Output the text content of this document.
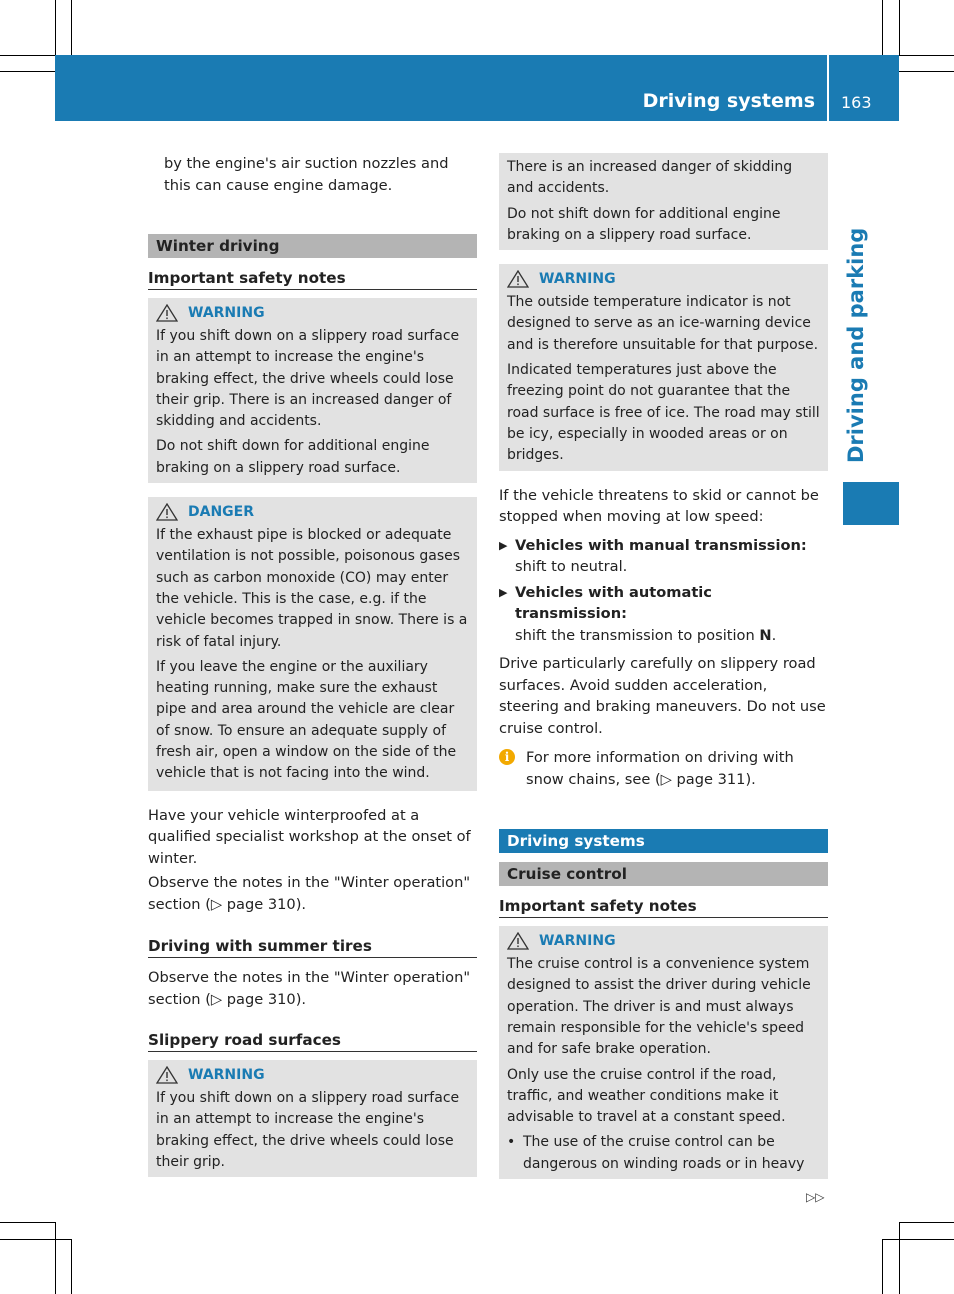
Driving systems 163
Driving and parking

by the engine's air suction nozzles and this can cause engine damage.

Winter driving
Important safety notes
WARNING

If you shift down on a slippery road surface in an attempt to increase the engine's braking effect, the drive wheels could lose their grip. There is an increased danger of skidding and accidents.

Do not shift down for additional engine braking on a slippery road surface.

DANGER

If the exhaust pipe is blocked or adequate ventilation is not possible, poisonous gases such as carbon monoxide (CO) may enter the vehicle. This is the case, e.g. if the vehicle becomes trapped in snow. There is a risk of fatal injury.

If you leave the engine or the auxiliary heating running, make sure the exhaust pipe and area around the vehicle are clear of snow. To ensure an adequate supply of fresh air, open a window on the side of the vehicle that is not facing into the wind.

Have your vehicle winterproofed at a qualified specialist workshop at the onset of winter.

Observe the notes in the "Winter operation" section (▷ page 310).

Driving with summer tires

Observe the notes in the "Winter operation" section (▷ page 310).

Slippery road surfaces
WARNING

If you shift down on a slippery road surface in an attempt to increase the engine's braking effect, the drive wheels could lose their grip.

There is an increased danger of skidding and accidents.

Do not shift down for additional engine braking on a slippery road surface.

WARNING

The outside temperature indicator is not designed to serve as an ice-warning device and is therefore unsuitable for that purpose.

Indicated temperatures just above the freezing point do not guarantee that the road surface is free of ice. The road may still be icy, especially in wooded areas or on bridges.

If the vehicle threatens to skid or cannot be stopped when moving at low speed:

▶ Vehicles with manual transmission:
shift to neutral.

▶ Vehicles with automatic transmission:
shift the transmission to position N.

Drive particularly carefully on slippery road surfaces. Avoid sudden acceleration, steering and braking maneuvers. Do not use cruise control.

i	For more information on driving with snow chains, see (▷ page 311).

Driving systems
Cruise control
Important safety notes
WARNING

The cruise control is a convenience system designed to assist the driver during vehicle operation. The driver is and must always remain responsible for the vehicle's speed and for safe brake operation.

Only use the cruise control if the road, traffic, and weather conditions make it advisable to travel at a constant speed.

• The use of the cruise control can be dangerous on winding roads or in heavy

▷▷
